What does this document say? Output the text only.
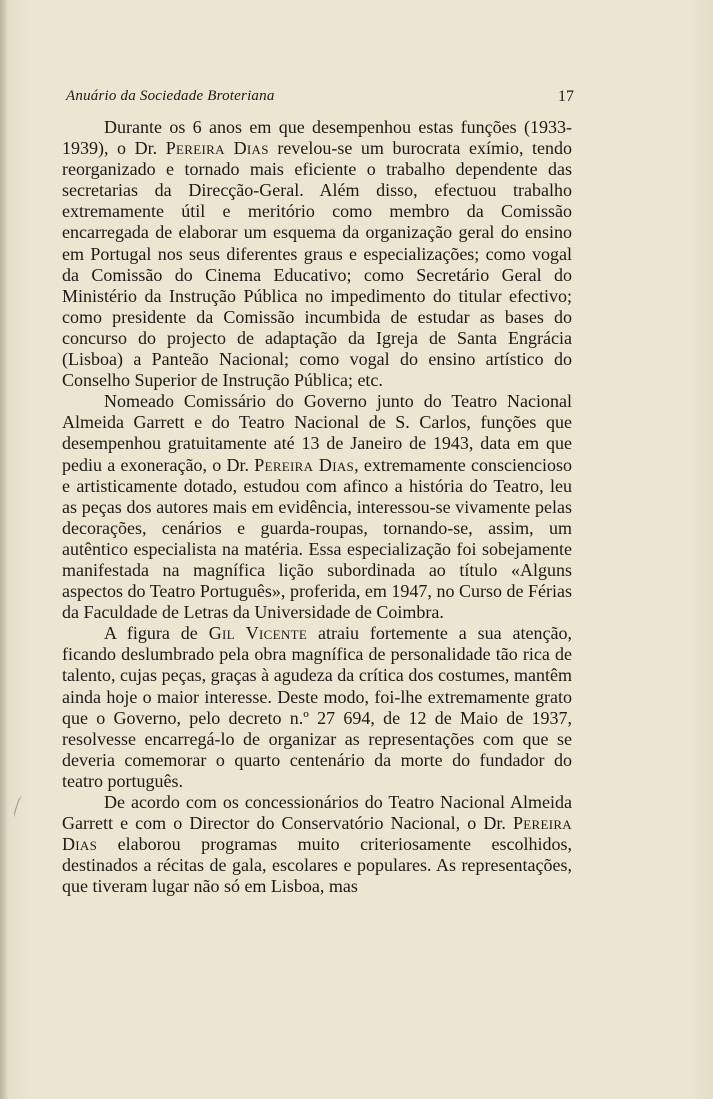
Anuário da Sociedade Broteriana	17

Durante os 6 anos em que desempenhou estas funções (1933-1939), o Dr. Pereira Dias revelou-se um burocrata exímio, tendo reorganizado e tornado mais eficiente o trabalho dependente das secretarias da Direcção-Geral. Além disso, efectuou trabalho extremamente útil e meritório como membro da Comissão encarregada de elaborar um esquema da organização geral do ensino em Portugal nos seus diferentes graus e especializações; como vogal da Comissão do Cinema Educativo; como Secretário Geral do Ministério da Instrução Pública no impedimento do titular efectivo; como presidente da Comissão incumbida de estudar as bases do concurso do projecto de adaptação da Igreja de Santa Engrácia (Lisboa) a Panteão Nacional; como vogal do ensino artístico do Conselho Superior de Instrução Pública; etc.

Nomeado Comissário do Governo junto do Teatro Nacional Almeida Garrett e do Teatro Nacional de S. Carlos, funções que desempenhou gratuitamente até 13 de Janeiro de 1943, data em que pediu a exoneração, o Dr. Pereira Dias, extremamente consciencioso e artisticamente dotado, estudou com afinco a história do Teatro, leu as peças dos autores mais em evidência, interessou-se vivamente pelas decorações, cenários e guarda-roupas, tornando-se, assim, um autêntico especialista na matéria. Essa especialização foi sobejamente manifestada na magnífica lição subordinada ao título «Alguns aspectos do Teatro Português», proferida, em 1947, no Curso de Férias da Faculdade de Letras da Universidade de Coimbra.

A figura de Gil Vicente atraiu fortemente a sua atenção, ficando deslumbrado pela obra magnífica de personalidade tão rica de talento, cujas peças, graças à agudeza da crítica dos costumes, mantêm ainda hoje o maior interesse. Deste modo, foi-lhe extremamente grato que o Governo, pelo decreto n.º 27 694, de 12 de Maio de 1937, resolvesse encarregá-lo de organizar as representações com que se deveria comemorar o quarto centenário da morte do fundador do teatro português.

De acordo com os concessionários do Teatro Nacional Almeida Garrett e com o Director do Conservatório Nacional, o Dr. Pereira Dias elaborou programas muito criteriosamente escolhidos, destinados a récitas de gala, escolares e populares. As representações, que tiveram lugar não só em Lisboa, mas
